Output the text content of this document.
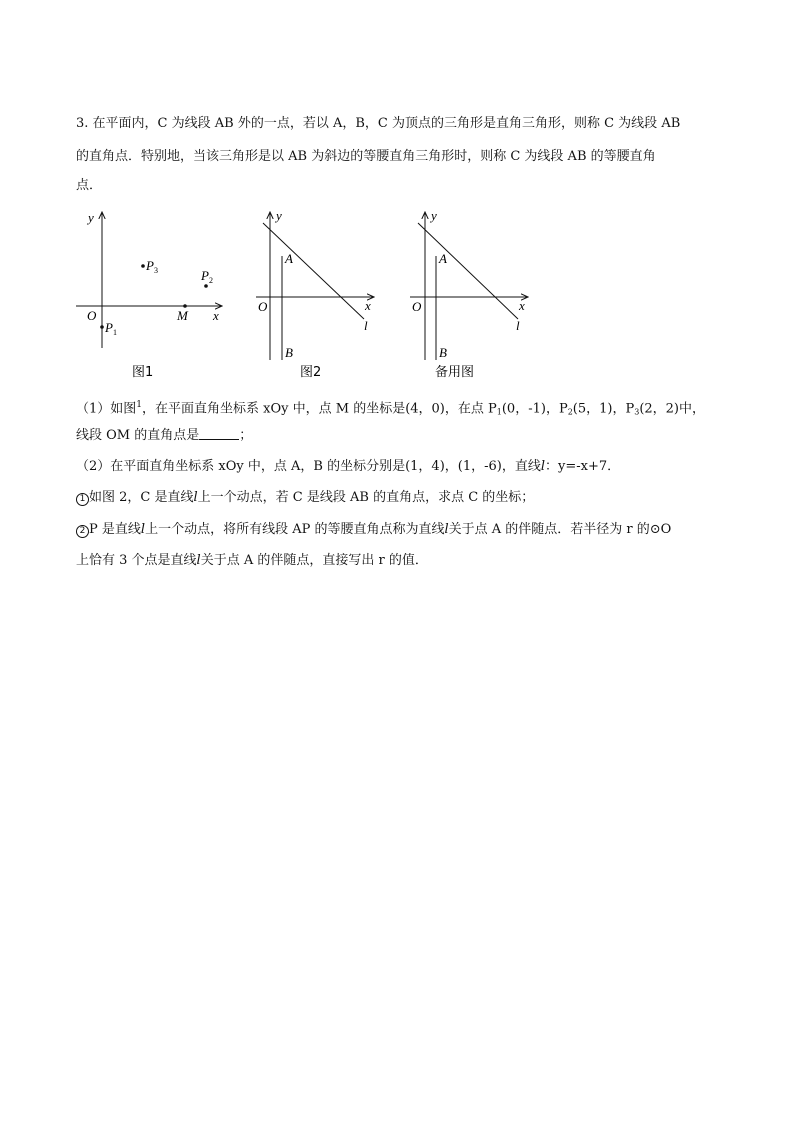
3. 在平面内，C 为线段 AB 外的一点，若以 A，B，C 为顶点的三角形是直角三角形，则称 C 为线段 AB
的直角点．特别地，当该三角形是以 AB 为斜边的等腰直角三角形时，则称 C 为线段 AB 的等腰直角
点．
y
x
O	M
$P_1$
$P_2$
$P_3$
图1
y
x
O
A
B
l
图2
y
x
O
A
B
l
备用图
（1）如图$^1$，在平面直角坐标系 xOy 中，点 M 的坐标是(4，0)，在点 $P_1(0$，-1)，$P_2(5$，1)，$P_3(2$，2)中，
线段 OM 的直角点是	；
（2）在平面直角坐标系 xOy 中，点 A，B 的坐标分别是(1，4)，(1，-6)，直线l：y=-x+7．
1 如图 2，C 是直线l上一个动点，若 C 是线段 AB 的直角点，求点 C 的坐标；
2 P 是直线l上一个动点，将所有线段 AP 的等腰直角点称为直线l关于点 A 的伴随点．若半径为 r 的⊙O
上恰有 3 个点是直线l关于点 A 的伴随点，直接写出 r 的值．
